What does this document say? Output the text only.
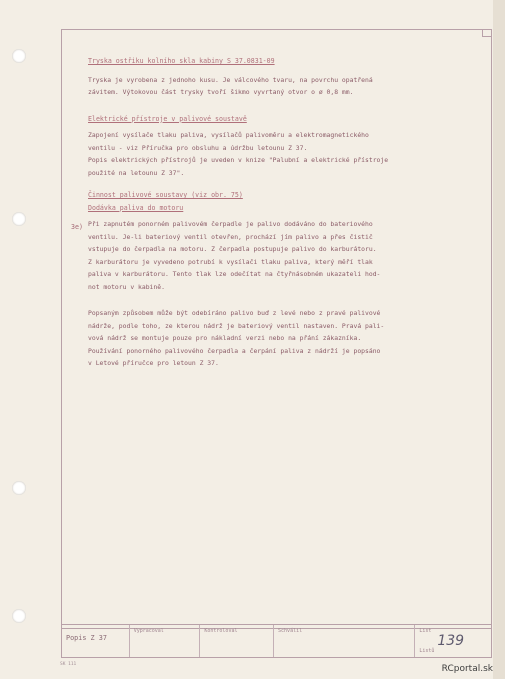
3e)

Tryska ostřiku kolního skla kabiny S 37.0831-09

Tryska je vyrobena z jednoho kusu. Je válcového tvaru, na povrchu opatřená

závitem. Výtokovou část trysky tvoří šikmo vyvrtaný otvor o ø 0,8 mm.

Elektrické přístroje v palivové soustavě

Zapojení vysílače tlaku paliva, vysílačů palivoměru a elektromagnetického

ventilu - viz Příručka pro obsluhu a údržbu letounu Z 37.

Popis elektrických přístrojů je uveden v knize "Palubní a elektrické přístroje

použité na letounu Z 37".

Činnost palivové soustavy (viz obr. 75)

Dodávka paliva do motoru

Při zapnutém ponorném palivovém čerpadle je palivo dodáváno do bateriového

ventilu. Je-li bateriový ventil otevřen, prochází jím palivo a přes čistič

vstupuje do čerpadla na motoru. Z čerpadla postupuje palivo do karburátoru.

Z karburátoru je vyvedeno potrubí k vysílači tlaku paliva, který měří tlak

paliva v karburátoru. Tento tlak lze odečítat na čtyřnásobném ukazateli hod-

not motoru v kabině.

Popsaným způsobem může být odebíráno palivo buď z levé nebo z pravé palivové

nádrže, podle toho, ze kterou nádrž je bateriový ventil nastaven. Pravá pali-

vová nádrž se montuje pouze pro nákladní verzi nebo na přání zákazníka.

Používání ponorného palivového čerpadla a čerpání paliva z nádrží je popsáno

v Letové příručce pro letoun Z 37.

Popis Z 37
Vypracoval	Kontroloval	Schválil	List
139
Listů
SK 111	RCportal.sk
